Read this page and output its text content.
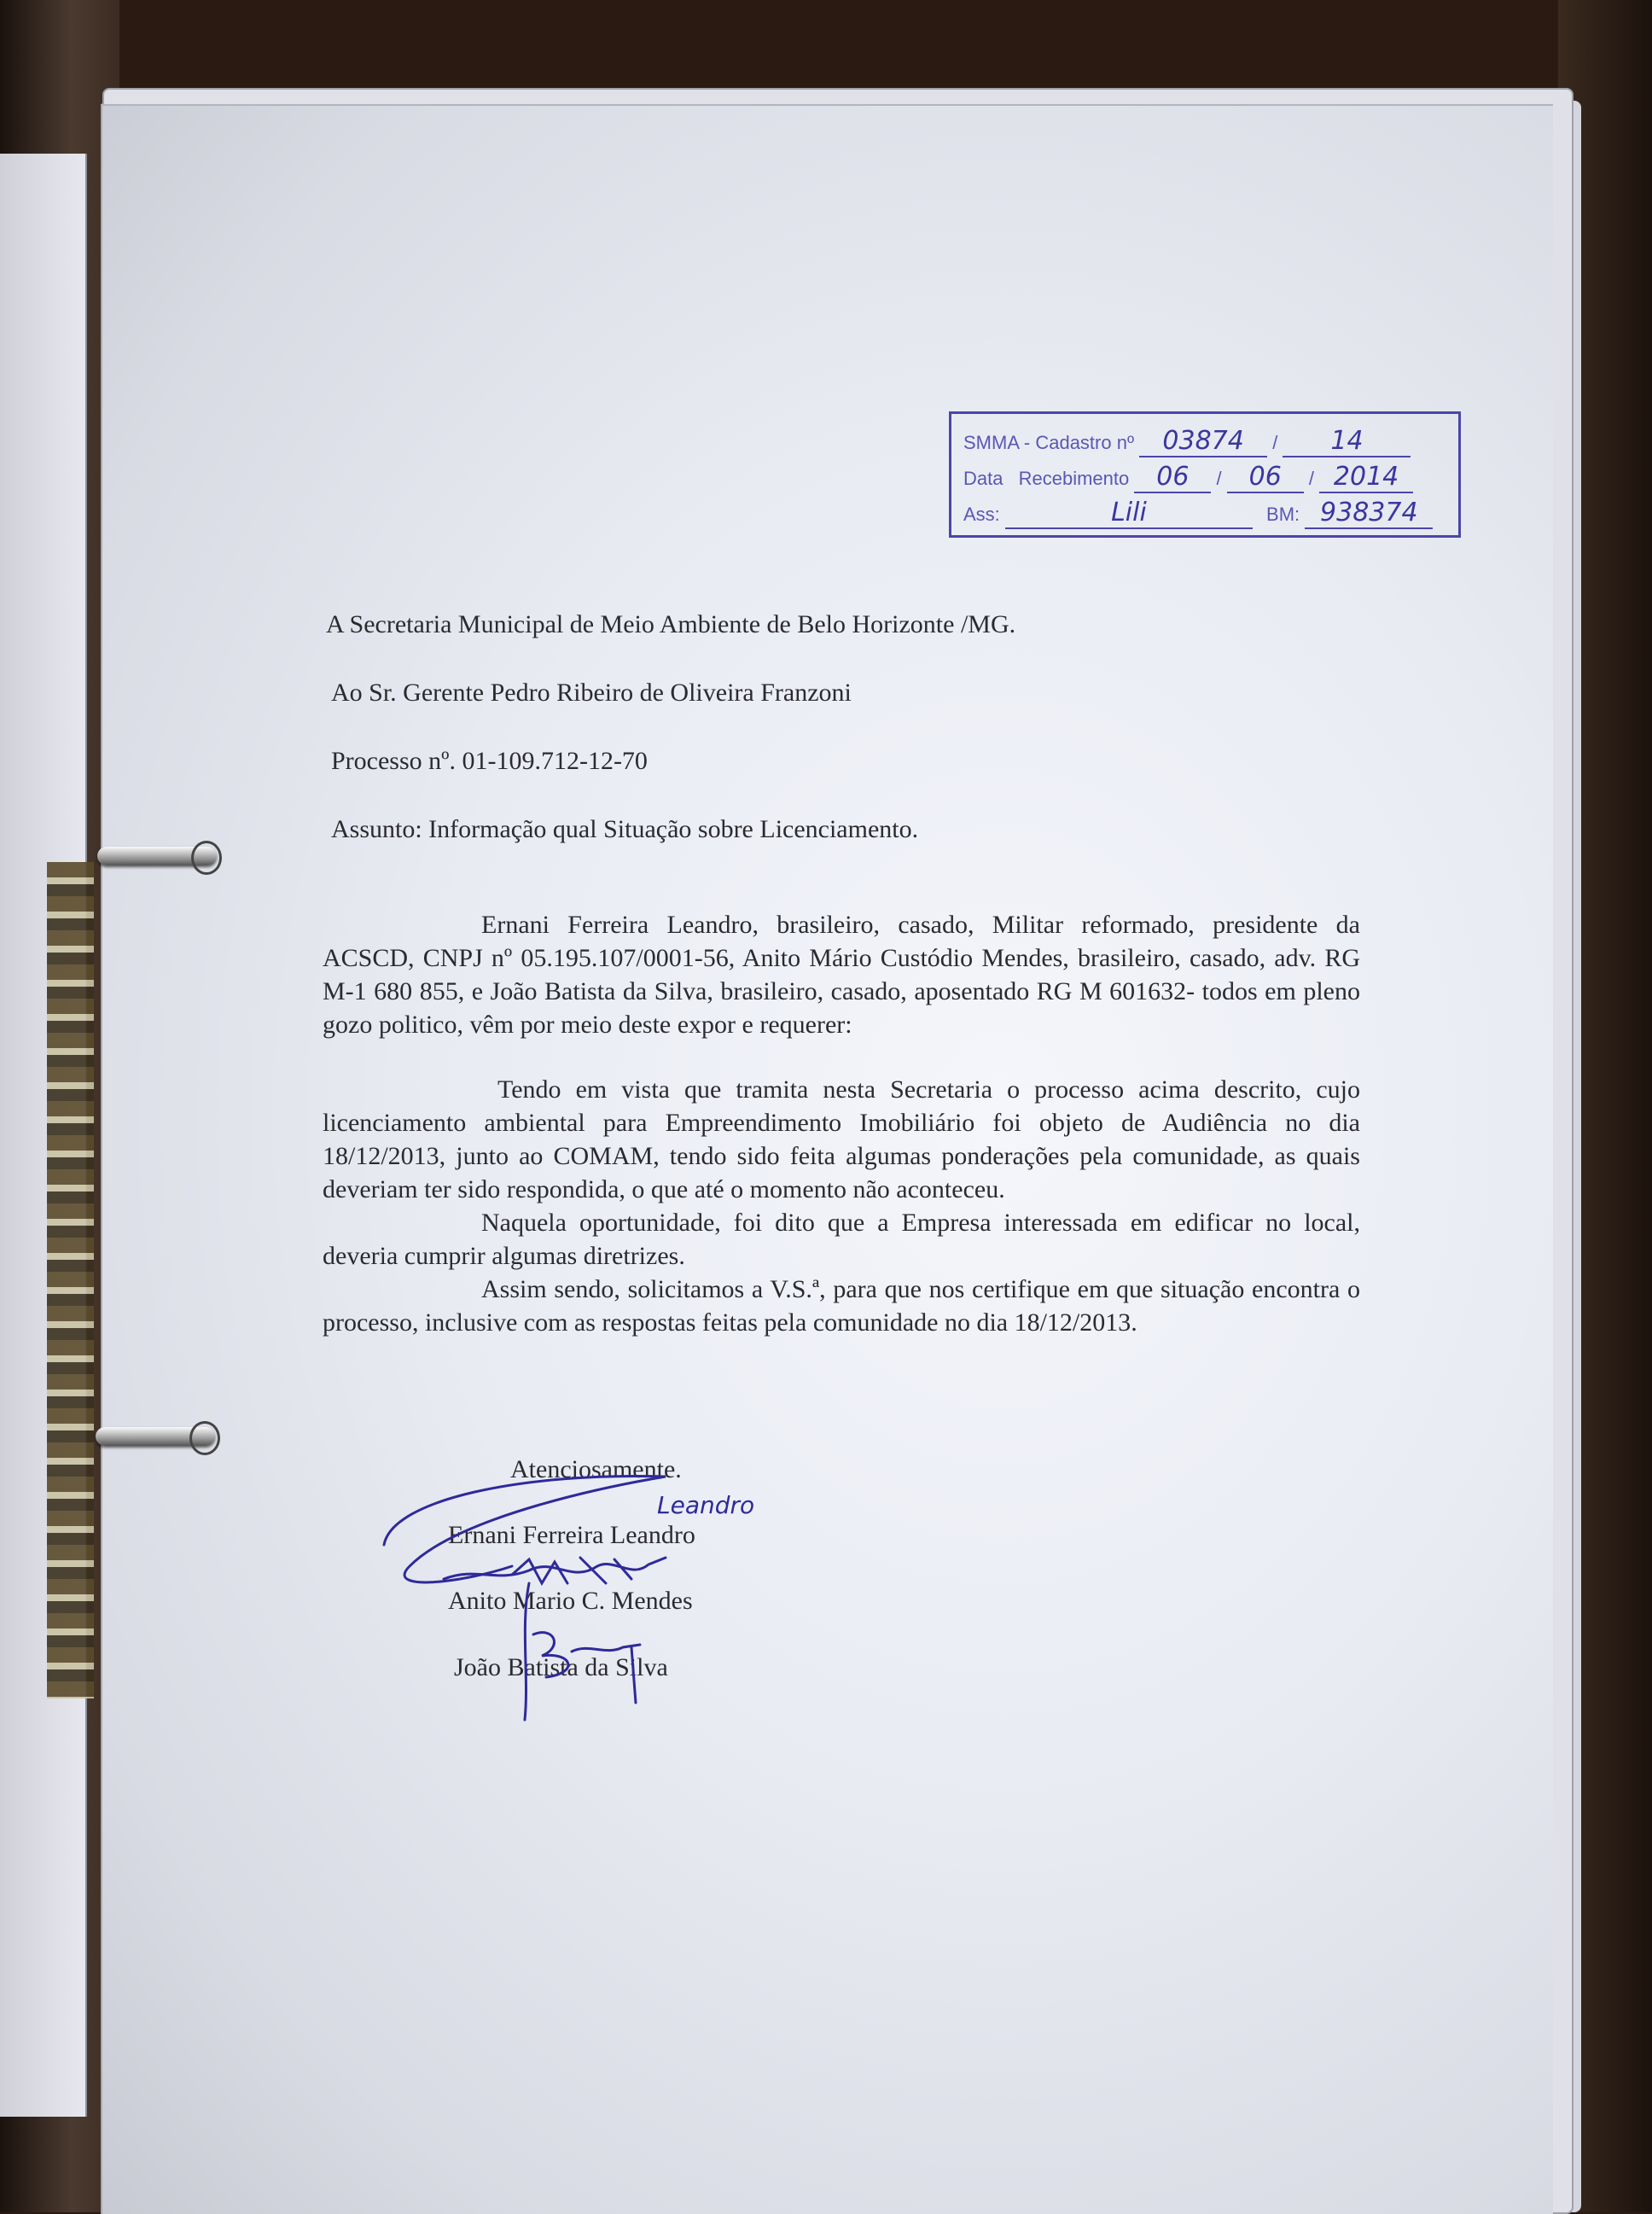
SMMA - Cadastro nº 03874 / 14
Data Recebimento 06 / 06 / 2014
Ass:	Lili	BM: 938374
A Secretaria Municipal de Meio Ambiente de Belo Horizonte /MG.
Ao Sr. Gerente Pedro Ribeiro de Oliveira Franzoni
Processo nº. 01-109.712-12-70
Assunto: Informação qual Situação sobre Licenciamento.

Ernani Ferreira Leandro, brasileiro, casado, Militar reformado, presidente da ACSCD, CNPJ nº 05.195.107/0001-56, Anito Mário Custódio Mendes, brasileiro, casado, adv. RG M-1 680 855, e João Batista da Silva, brasileiro, casado, aposentado RG M 601632- todos em pleno gozo politico, vêm por meio deste expor e requerer:

Tendo em vista que tramita nesta Secretaria o processo acima descrito, cujo licenciamento ambiental para Empreendimento Imobiliário foi objeto de Audiência no dia 18/12/2013, junto ao COMAM, tendo sido feita algumas ponderações pela comunidade, as quais deveriam ter sido respondida, o que até o momento não aconteceu.

Naquela oportunidade, foi dito que a Empresa interessada em edificar no local, deveria cumprir algumas diretrizes.

Assim sendo, solicitamos a V.S.ª, para que nos certifique em que situação encontra o processo, inclusive com as respostas feitas pela comunidade no dia 18/12/2013.

Atenciosamente.
Ernani Ferreira Leandro
Anito Mario C. Mendes
João Batista da Silva
Leandro
